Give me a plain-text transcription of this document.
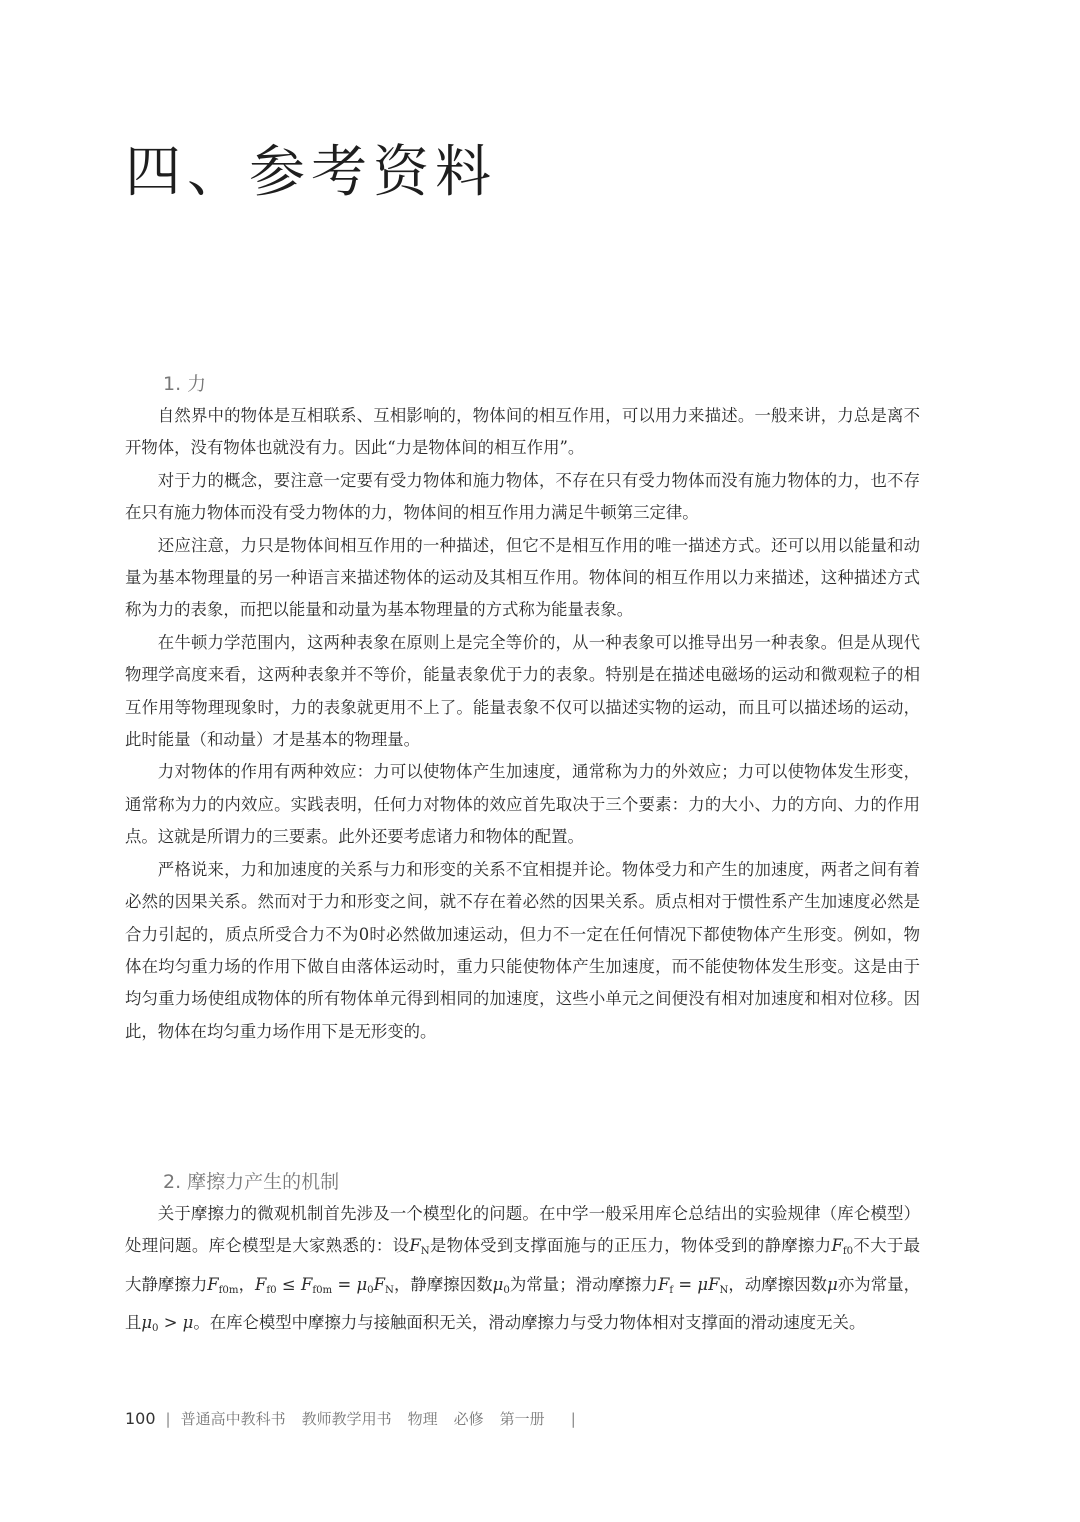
四、参考资料
1. 力

自然界中的物体是互相联系、互相影响的，物体间的相互作用，可以用力来描述。一般来讲，力总是离不开物体，没有物体也就没有力。因此“力是物体间的相互作用”。

对于力的概念，要注意一定要有受力物体和施力物体，不存在只有受力物体而没有施力物体的力，也不存在只有施力物体而没有受力物体的力，物体间的相互作用力满足牛顿第三定律。

还应注意，力只是物体间相互作用的一种描述，但它不是相互作用的唯一描述方式。还可以用以能量和动量为基本物理量的另一种语言来描述物体的运动及其相互作用。物体间的相互作用以力来描述，这种描述方式称为力的表象，而把以能量和动量为基本物理量的方式称为能量表象。

在牛顿力学范围内，这两种表象在原则上是完全等价的，从一种表象可以推导出另一种表象。但是从现代物理学高度来看，这两种表象并不等价，能量表象优于力的表象。特别是在描述电磁场的运动和微观粒子的相互作用等物理现象时，力的表象就更用不上了。能量表象不仅可以描述实物的运动，而且可以描述场的运动，此时能量（和动量）才是基本的物理量。

力对物体的作用有两种效应：力可以使物体产生加速度，通常称为力的外效应；力可以使物体发生形变，通常称为力的内效应。实践表明，任何力对物体的效应首先取决于三个要素：力的大小、力的方向、力的作用点。这就是所谓力的三要素。此外还要考虑诸力和物体的配置。

严格说来，力和加速度的关系与力和形变的关系不宜相提并论。物体受力和产生的加速度，两者之间有着必然的因果关系。然而对于力和形变之间，就不存在着必然的因果关系。质点相对于惯性系产生加速度必然是合力引起的，质点所受合力不为0时必然做加速运动，但力不一定在任何情况下都使物体产生形变。例如，物体在均匀重力场的作用下做自由落体运动时，重力只能使物体产生加速度，而不能使物体发生形变。这是由于均匀重力场使组成物体的所有物体单元得到相同的加速度，这些小单元之间便没有相对加速度和相对位移。因此，物体在均匀重力场作用下是无形变的。

2. 摩擦力产生的机制

关于摩擦力的微观机制首先涉及一个模型化的问题。在中学一般采用库仑总结出的实验规律（库仑模型）处理问题。库仑模型是大家熟悉的：设$F_N$是物体受到支撑面施与的正压力，物体受到的静摩擦力$F_{f0}$不大于最大静摩擦力$F_{f0m}$，$F_{f0} \le F_{f0m} = \mu_0F_N$，静摩擦因数$\mu_0$为常量；滑动摩擦力$F_f = \mu F_N$，动摩擦因数μ亦为常量，且$\mu_0 > \mu$。在库仑模型中摩擦力与接触面积无关，滑动摩擦力与受力物体相对支撑面的滑动速度无关。

100 | 普通高中教科书 教师教学用书 物理 必修 第一册 |
